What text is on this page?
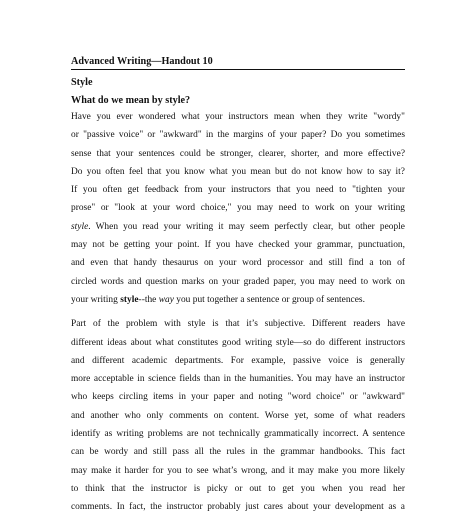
Advanced Writing—Handout 10
Style
What do we mean by style?
Have you ever wondered what your instructors mean when they write "wordy"
or "passive voice" or "awkward" in the margins of your paper? Do you sometimes
sense that your sentences could be stronger, clearer, shorter, and more effective?
Do you often feel that you know what you mean but do not know how to say it?
If you often get feedback from your instructors that you need to "tighten your
prose" or "look at your word choice," you may need to work on your writing
style. When you read your writing it may seem perfectly clear, but other people
may not be getting your point. If you have checked your grammar, punctuation,
and even that handy thesaurus on your word processor and still find a ton of
circled words and question marks on your graded paper, you may need to work on
your writing style--the way you put together a sentence or group of sentences.
Part of the problem with style is that it’s subjective. Different readers have
different ideas about what constitutes good writing style—so do different instructors
and different academic departments. For example, passive voice is generally
more acceptable in science fields than in the humanities. You may have an instructor
who keeps circling items in your paper and noting "word choice" or "awkward"
and another who only comments on content. Worse yet, some of what readers
identify as writing problems are not technically grammatically incorrect. A sentence
can be wordy and still pass all the rules in the grammar handbooks. This fact
may make it harder for you to see what’s wrong, and it may make you more likely
to think that the instructor is picky or out to get you when you read her
comments. In fact, the instructor probably just cares about your development as a
